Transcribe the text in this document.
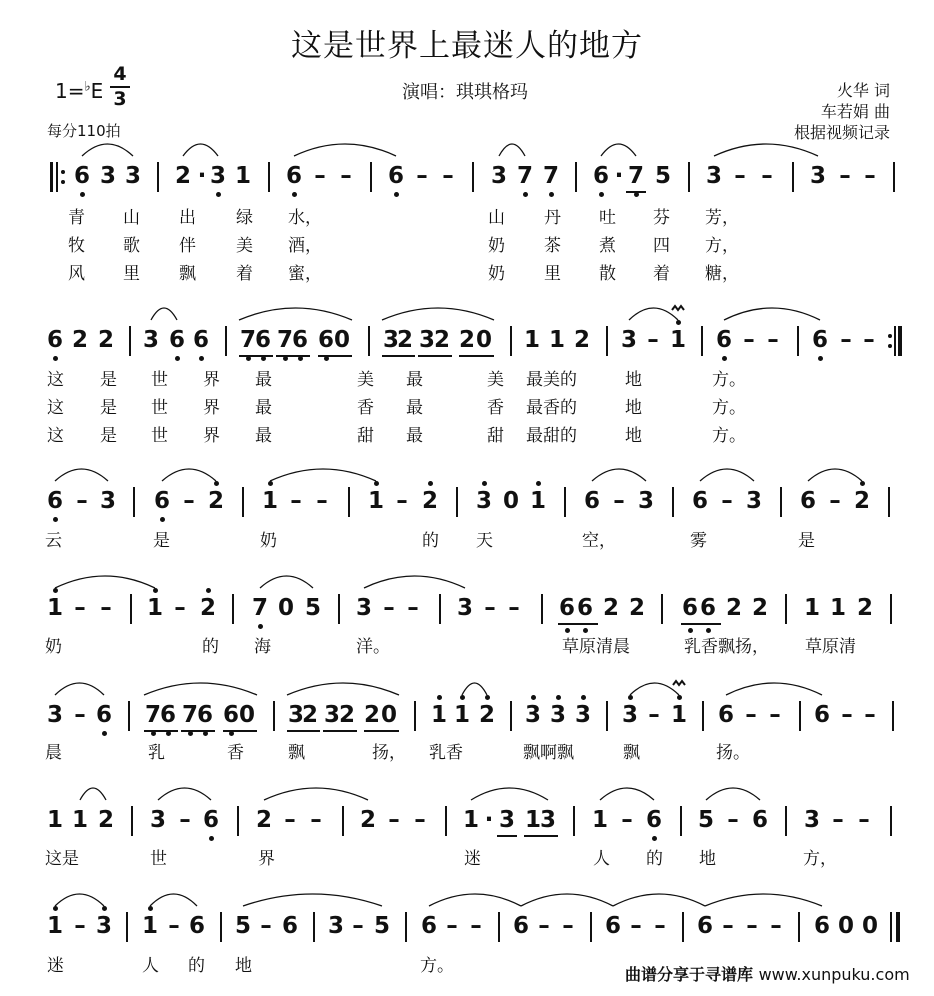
这是世界上最迷人的地方
1=♭E
4
3
每分110拍
演唱：琪琪格玛	火华 词
车若娟 曲
根据视频记录
6 3 3 2 · 3 1 6 – – 6 – – 3 7 7 6 · 7 5 3 – – 3 – –
6 2 2 3 6 6 7
6 7
6 6 0 3
2 3
2 2 0 1 1 2 3 – 1 6 – – 6 – –
6 – 3 6 – 2 1 – – 1 – 2 3 0 1 6 – 3 6 – 3 6 – 2
1 – – 1 – 2 7 0 5 3 – – 3 – – 6 6 2 2 6 6 2 2 1 1 2
3 – 6 7
6 7
6 6 0 3
2 3
2 2 0 1 1 2 3 3 3 3 – 1 6 – – 6 – –
1 1 2 3 – 6 2 – – 2 – – 1 · 3 1
3 1 – 6 5 – 6 3 – –
1 – 3 1 – 6 5 – 6 3 – 5 6 – – 6 – – 6 – – 6 – – – 6 0 0
青 山 出 绿 水，	山 丹 吐 芬 芳，
牧 歌 伴 美 酒，	奶 茶 煮 四 方，
风 里 飘 着 蜜，	奶 里 散 着 糖，
这 是 世 界 最	美 最	美 最美的	地	方。
这 是 世 界 最	香 最	香 最香的	地	方。
这 是 世 界 最	甜 最	甜 最甜的	地	方。
云	是	奶	的 天	空，	雾	是
奶	的 海	洋。	草原清晨	乳香飘扬， 草原清
晨	乳	香	飘	扬， 乳香	飘啊飘	飘	扬。
这是	世	界	迷	人 的 地	方，
迷	人 的 地	方。	曲谱分享于寻谱库 www.xunpuku.com
